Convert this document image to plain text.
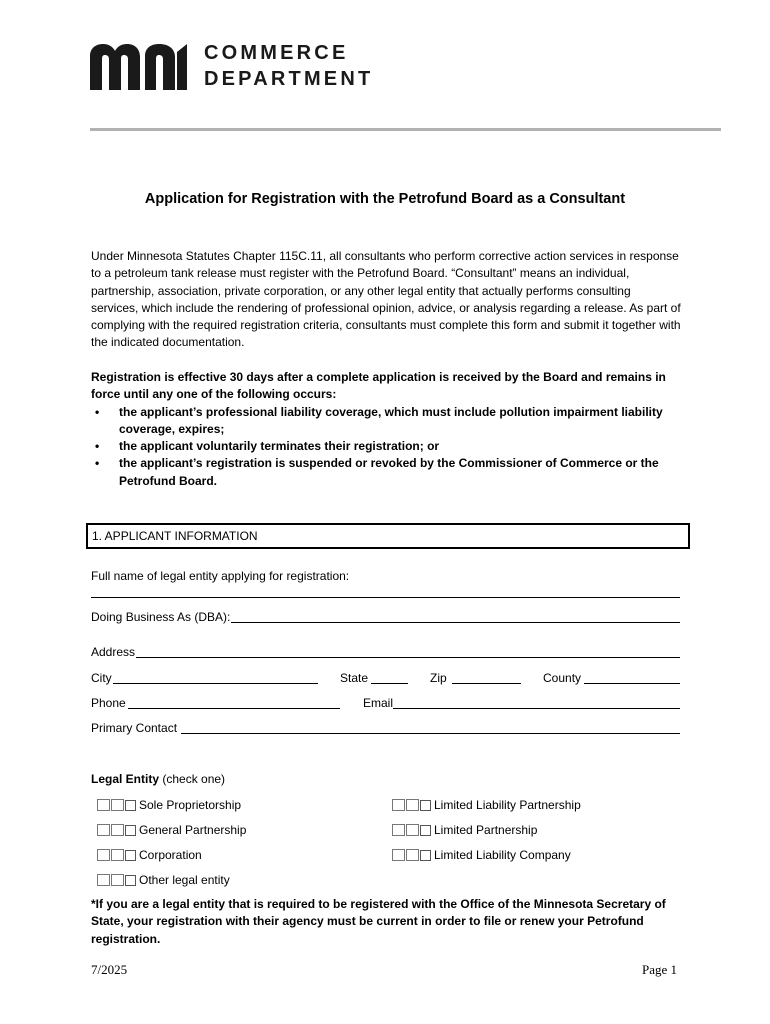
COMMERCE
DEPARTMENT
Application for Registration with the Petrofund Board as a Consultant
Under Minnesota Statutes Chapter 115C.11, all consultants who perform corrective action services in response to a petroleum tank release must register with the Petrofund Board. “Consultant” means an individual, partnership, association, private corporation, or any other legal entity that actually performs consulting services, which include the rendering of professional opinion, advice, or analysis regarding a release. As part of complying with the required registration criteria, consultants must complete this form and submit it together with the indicated documentation.
Registration is effective 30 days after a complete application is received by the Board and remains in force until any one of the following occurs:
• the applicant’s professional liability coverage, which must include pollution impairment liability coverage, expires;
• the applicant voluntarily terminates their registration; or
• the applicant’s registration is suspended or revoked by the Commissioner of Commerce or the Petrofund Board.
1. APPLICANT INFORMATION
Full name of legal entity applying for registration:
Doing Business As (DBA):
Address
City	State	Zip	County
Phone	Email
Primary Contact
Legal Entity (check one)
Sole Proprietorship	Limited Liability Partnership
General Partnership	Limited Partnership
Corporation	Limited Liability Company
Other legal entity
*If you are a legal entity that is required to be registered with the Office of the Minnesota Secretary of State, your registration with their agency must be current in order to file or renew your Petrofund registration.
7/2025	Page 1
